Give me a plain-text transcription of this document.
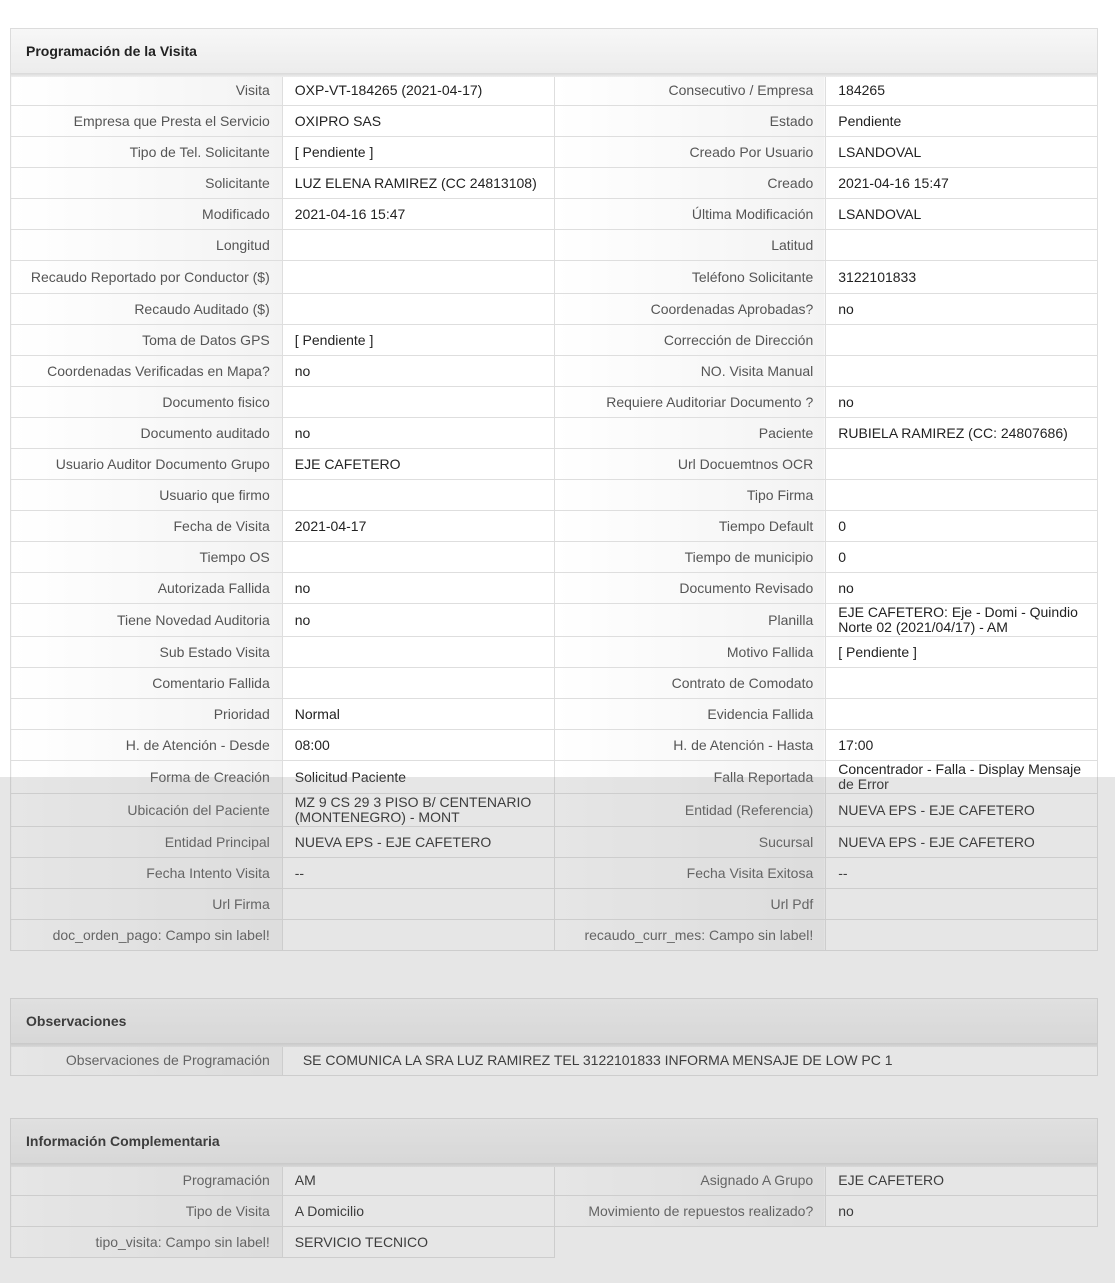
Programación de la Visita
Visita	OXP-VT-184265 (2021-04-17)	Consecutivo / Empresa	184265
Empresa que Presta el Servicio	OXIPRO SAS	Estado	Pendiente
Tipo de Tel. Solicitante	[ Pendiente ]	Creado Por Usuario	LSANDOVAL
Solicitante	LUZ ELENA RAMIREZ (CC 24813108)	Creado	2021-04-16 15:47
Modificado	2021-04-16 15:47	Última Modificación	LSANDOVAL
Longitud		Latitud	
Recaudo Reportado por Conductor ($)		Teléfono Solicitante	3122101833
Recaudo Auditado ($)		Coordenadas Aprobadas?	no
Toma de Datos GPS	[ Pendiente ]	Corrección de Dirección	
Coordenadas Verificadas en Mapa?	no	NO. Visita Manual	
Documento fisico		Requiere Auditoriar Documento ?	no
Documento auditado	no	Paciente	RUBIELA RAMIREZ (CC: 24807686)
Usuario Auditor Documento Grupo	EJE CAFETERO	Url Docuemtnos OCR	
Usuario que firmo		Tipo Firma	
Fecha de Visita	2021-04-17	Tiempo Default	0
Tiempo OS		Tiempo de municipio	0
Autorizada Fallida	no	Documento Revisado	no
Tiene Novedad Auditoria	no	Planilla	EJE CAFETERO: Eje - Domi - Quindio Norte 02 (2021/04/17) - AM
Sub Estado Visita		Motivo Fallida	[ Pendiente ]
Comentario Fallida		Contrato de Comodato	
Prioridad	Normal	Evidencia Fallida	
H. de Atención - Desde	08:00	H. de Atención - Hasta	17:00
Forma de Creación	Solicitud Paciente	Falla Reportada	Concentrador - Falla - Display Mensaje de Error
Ubicación del Paciente	MZ 9 CS 29 3 PISO B/ CENTENARIO (MONTENEGRO) - MONT	Entidad (Referencia)	NUEVA EPS - EJE CAFETERO
Entidad Principal	NUEVA EPS - EJE CAFETERO	Sucursal	NUEVA EPS - EJE CAFETERO
Fecha Intento Visita	--	Fecha Visita Exitosa	--
Url Firma		Url Pdf	
doc_orden_pago: Campo sin label!		recaudo_curr_mes: Campo sin label!	
Observaciones
Observaciones de Programación	SE COMUNICA LA SRA LUZ RAMIREZ TEL 3122101833 INFORMA MENSAJE DE LOW PC 1
Información Complementaria
Programación	AM	Asignado A Grupo	EJE CAFETERO
Tipo de Visita	A Domicilio	Movimiento de repuestos realizado?	no
tipo_visita: Campo sin label!	SERVICIO TECNICO		
